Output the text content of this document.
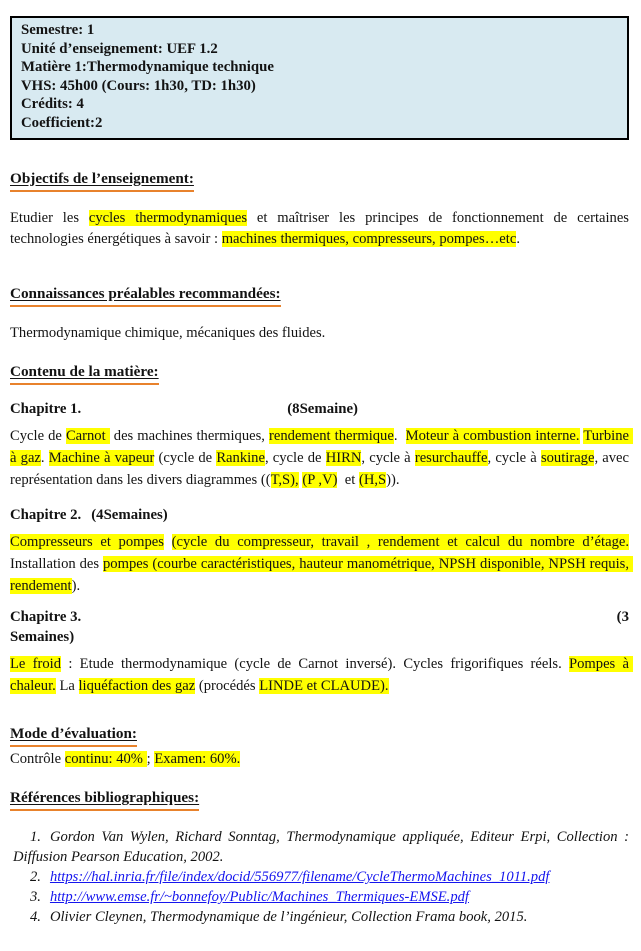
Semestre: 1
Unité d’enseignement: UEF 1.2
Matière 1:Thermodynamique technique
VHS: 45h00 (Cours: 1h30, TD: 1h30)
Crédits: 4
Coefficient:2
Objectifs de l’enseignement:

Etudier les cycles thermodynamiques et maîtriser les principes de fonctionnement de certaines technologies énergétiques à savoir : machines thermiques, compresseurs, pompes…etc.

Connaissances préalables recommandées:

Thermodynamique chimique, mécaniques des fluides.

Contenu de la matière:
Chapitre 1.	(8Semaine)

Cycle de Carnot  des machines thermiques, rendement thermique.  Moteur à combustion interne. Turbine à gaz. Machine à vapeur (cycle de Rankine, cycle de HIRN, cycle à resurchauffe, cycle à soutirage, avec représentation dans les divers diagrammes ((T,S), (P ,V)  et (H,S)).

Chapitre 2. (4Semaines)

Compresseurs et pompes (cycle du compresseur, travail , rendement et calcul du nombre d’étage. Installation des pompes (courbe caractéristiques, hauteur manométrique, NPSH disponible, NPSH requis, rendement).

Chapitre 3.	(3
Semaines)

Le froid : Etude thermodynamique (cycle de Carnot inversé). Cycles frigorifiques réels. Pompes à chaleur. La liquéfaction des gaz (procédés LINDE et CLAUDE).

Mode d’évaluation:

Contrôle continu: 40% ; Examen: 60%.

Références bibliographiques:
1. Gordon Van Wylen, Richard Sonntag, Thermodynamique appliquée, Editeur Erpi, Collection : Diffusion Pearson Education, 2002.
2. https://hal.inria.fr/file/index/docid/556977/filename/CycleThermoMachines_1011.pdf
3. http://www.emse.fr/~bonnefoy/Public/Machines_Thermiques-EMSE.pdf
4. Olivier Cleynen, Thermodynamique de l’ingénieur, Collection Frama book, 2015.
